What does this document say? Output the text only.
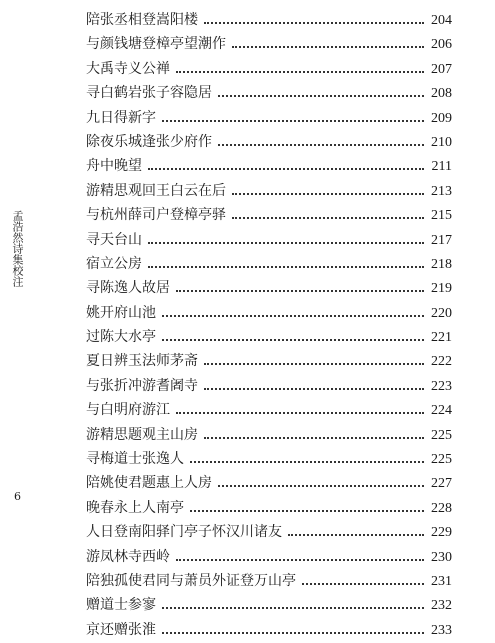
孟浩然诗集校注
6
陪张丞相登嵩阳楼	204
与颜钱塘登樟亭望潮作	206
大禹寺义公禅	207
寻白鹤岩张子容隐居	208
九日得新字	209
除夜乐城逢张少府作	210
舟中晚望	211
游精思观回王白云在后	213
与杭州薛司户登樟亭驿	215
寻天台山	217
宿立公房	218
寻陈逸人故居	219
姚开府山池	220
过陈大水亭	221
夏日辨玉法师茅斋	222
与张折冲游耆阇寺	223
与白明府游江	224
游精思题观主山房	225
寻梅道士张逸人	225
陪姚使君题惠上人房	227
晚春永上人南亭	228
人日登南阳驿门亭子怀汉川诸友	229
游凤林寺西岭	230
陪独孤使君同与萧员外证登万山亭	231
赠道士参寥	232
京还赠张淮	233
